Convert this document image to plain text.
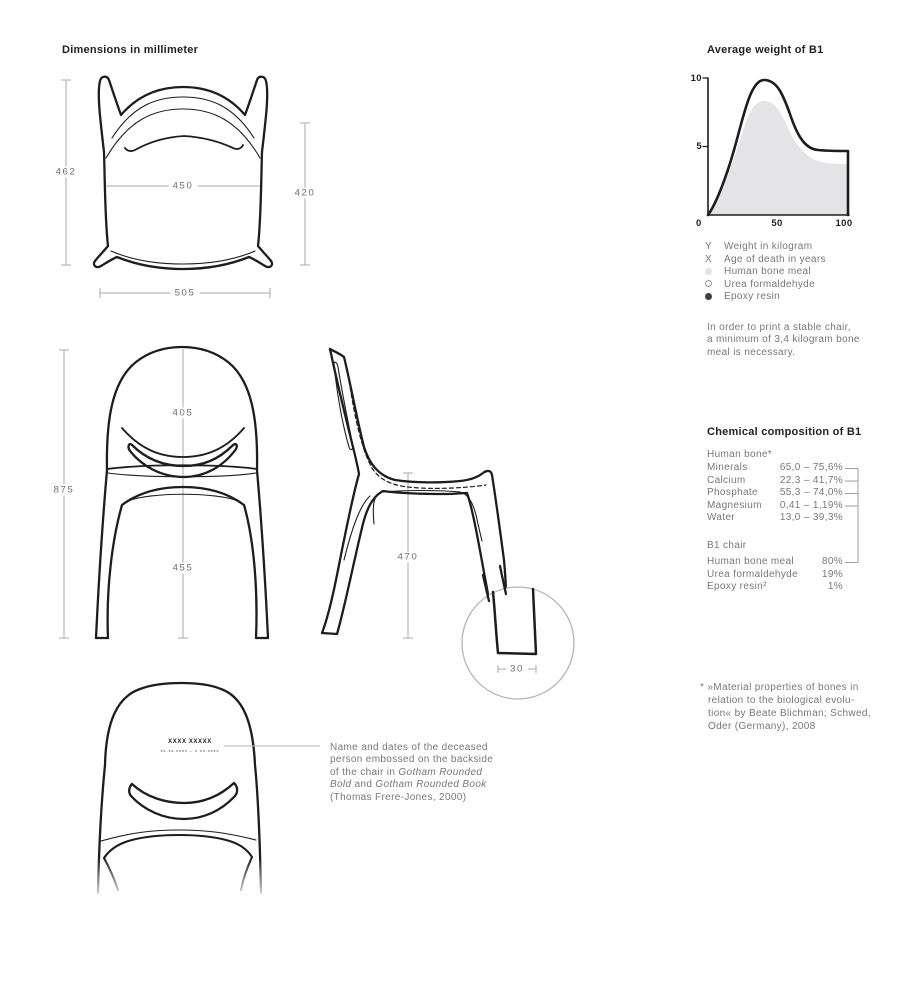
Dimensions in millimeter	Average weight of B1
462
450
420
505
875
405
455
470
30
XXXX XXXXX
xx.xx.xxxx – x.xx.xxxx	Name and dates of the deceased
person embossed on the backside
of the chair in Gotham Rounded
Bold and Gotham Rounded Book
(Thomas Frere-Jones, 2000)
10
5
0	50	100
Y	Weight in kilogram
X	Age of death in years
Human bone meal
Urea formaldehyde
Epoxy resin
In order to print a stable chair,
a minimum of 3,4 kilogram bone
meal is necessary.
Chemical composition of B1
Human bone*
Minerals	65,0 – 75,6%
Calcium	22,3 – 41,7%
Phosphate 55,3 – 74,0%
Magnesium 0,41 – 1,19%
Water	13,0 – 39,3%
B1 chair
Human bone meal	80%
Urea formaldehyde 19%
Epoxy resin²	1%
* »Material properties of bones in
relation to the biological evolu-
tion« by Beate Blichman; Schwed,
Oder (Germany), 2008
